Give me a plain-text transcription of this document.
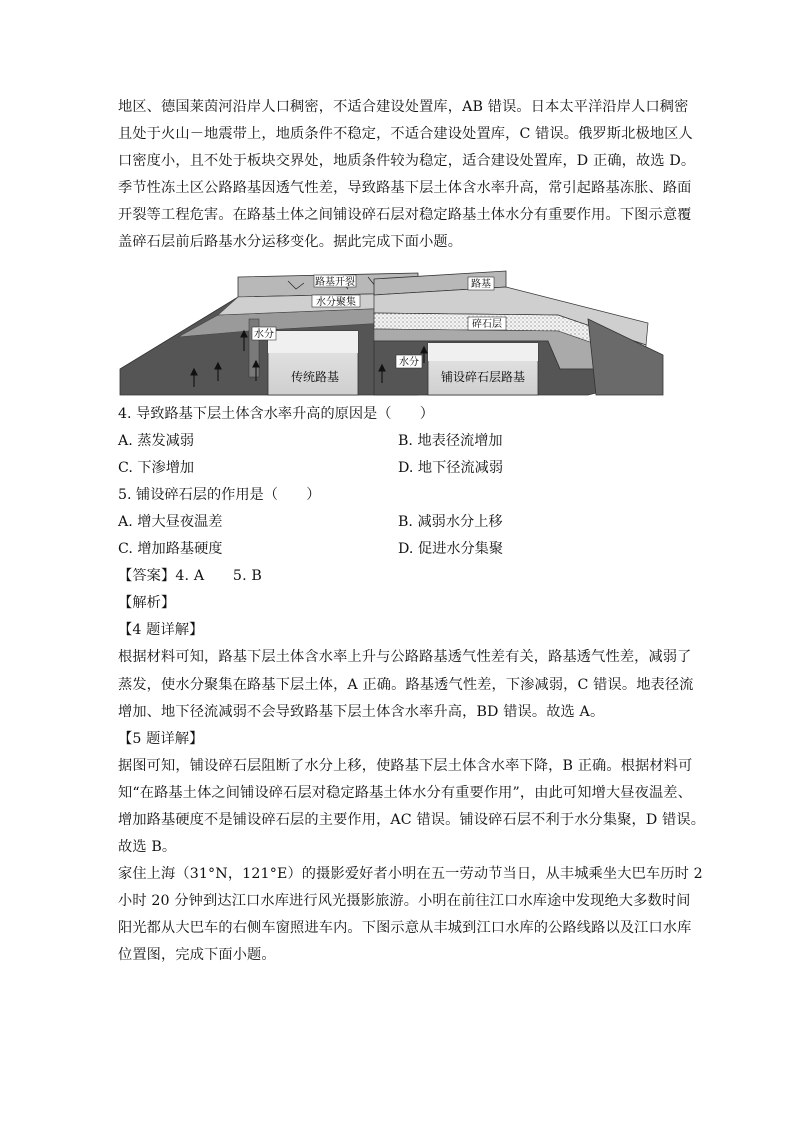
地区、德国莱茵河沿岸人口稠密，不适合建设处置库，AB 错误。日本太平洋沿岸人口稠密
且处于火山－地震带上，地质条件不稳定，不适合建设处置库，C 错误。俄罗斯北极地区人
口密度小，且不处于板块交界处，地质条件较为稳定，适合建设处置库，D 正确，故选 D。
季节性冻土区公路路基因透气性差，导致路基下层土体含水率升高，常引起路基冻胀、路面
开裂等工程危害。在路基土体之间铺设碎石层对稳定路基土体水分有重要作用。下图示意覆
盖碎石层前后路基水分运移变化。据此完成下面小题。
路基开裂
水分聚集
水分
传统路基
路基
碎石层
水分
铺设碎石层路基
4. 导致路基下层土体含水率升高的原因是（　　）
A. 蒸发减弱	B. 地表径流增加
C. 下渗增加	D. 地下径流减弱
5. 铺设碎石层的作用是（　　）
A. 增大昼夜温差	B. 减弱水分上移
C. 增加路基硬度	D. 促进水分集聚
【答案】4. A　　5. B
【解析】
【4 题详解】
根据材料可知，路基下层土体含水率上升与公路路基透气性差有关，路基透气性差，减弱了
蒸发，使水分聚集在路基下层土体，A 正确。路基透气性差，下渗减弱，C 错误。地表径流
增加、地下径流减弱不会导致路基下层土体含水率升高，BD 错误。故选 A。
【5 题详解】
据图可知，铺设碎石层阻断了水分上移，使路基下层土体含水率下降，B 正确。根据材料可
知“在路基土体之间铺设碎石层对稳定路基土体水分有重要作用”，由此可知增大昼夜温差、
增加路基硬度不是铺设碎石层的主要作用，AC 错误。铺设碎石层不利于水分集聚，D 错误。
故选 B。
家住上海（31°N，121°E）的摄影爱好者小明在五一劳动节当日，从丰城乘坐大巴车历时 2
小时 20 分钟到达江口水库进行风光摄影旅游。小明在前往江口水库途中发现绝大多数时间
阳光都从大巴车的右侧车窗照进车内。下图示意从丰城到江口水库的公路线路以及江口水库
位置图，完成下面小题。
